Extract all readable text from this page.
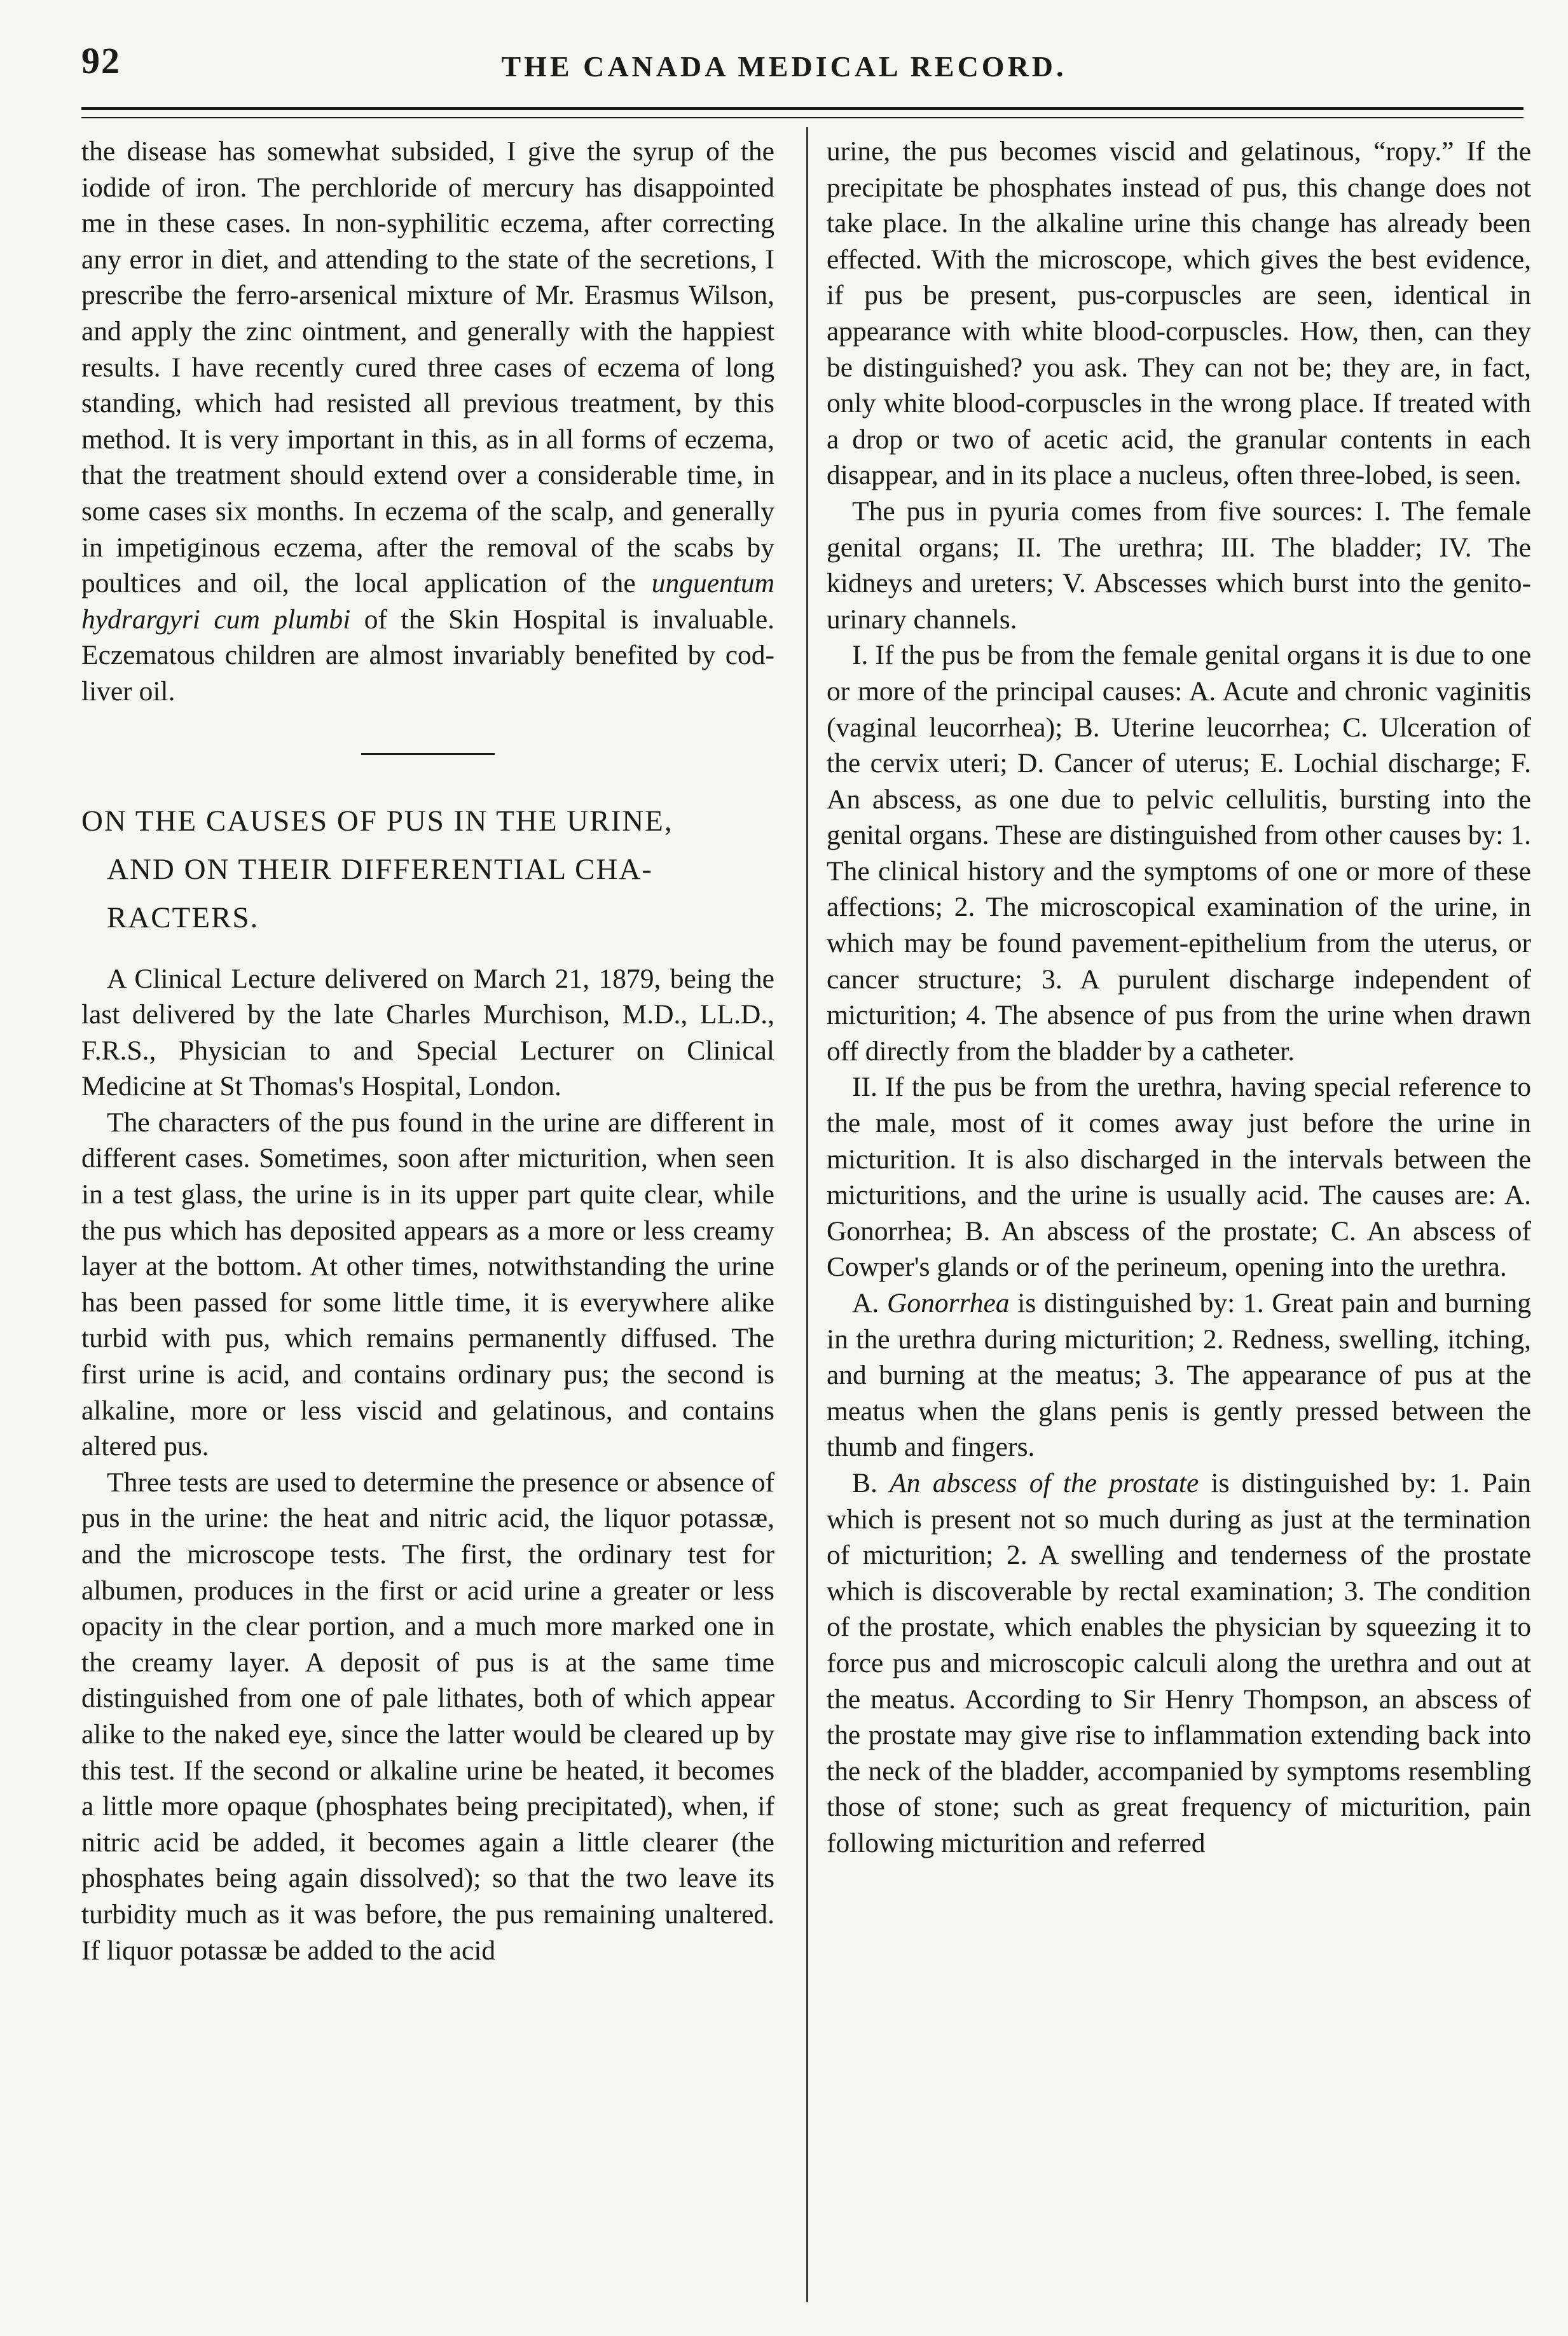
92	THE CANADA MEDICAL RECORD.

the disease has somewhat subsided, I give the syrup of the iodide of iron. The perchloride of mercury has disappointed me in these cases. In non-syphilitic eczema, after correcting any error in diet, and attending to the state of the secretions, I prescribe the ferro-arsenical mixture of Mr. Erasmus Wilson, and apply the zinc ointment, and generally with the happiest results. I have recently cured three cases of eczema of long standing, which had resisted all previous treatment, by this method. It is very important in this, as in all forms of eczema, that the treatment should extend over a considerable time, in some cases six months. In eczema of the scalp, and generally in impetiginous eczema, after the removal of the scabs by poultices and oil, the local application of the unguentum hydrargyri cum plumbi of the Skin Hospital is invaluable. Eczematous children are almost invariably benefited by cod-liver oil.

ON THE CAUSES OF PUS IN THE URINE,
AND ON THEIR DIFFERENTIAL CHA-
RACTERS.

A Clinical Lecture delivered on March 21, 1879, being the last delivered by the late Charles Murchison, M.D., LL.D., F.R.S., Physician to and Special Lecturer on Clinical Medicine at St Thomas's Hospital, London.

The characters of the pus found in the urine are different in different cases. Sometimes, soon after micturition, when seen in a test glass, the urine is in its upper part quite clear, while the pus which has deposited appears as a more or less creamy layer at the bottom. At other times, notwithstanding the urine has been passed for some little time, it is everywhere alike turbid with pus, which remains permanently diffused. The first urine is acid, and contains ordinary pus; the second is alkaline, more or less viscid and gelatinous, and contains altered pus.

Three tests are used to determine the presence or absence of pus in the urine: the heat and nitric acid, the liquor potassæ, and the microscope tests. The first, the ordinary test for albumen, produces in the first or acid urine a greater or less opacity in the clear portion, and a much more marked one in the creamy layer. A deposit of pus is at the same time distinguished from one of pale lithates, both of which appear alike to the naked eye, since the latter would be cleared up by this test. If the second or alkaline urine be heated, it becomes a little more opaque (phosphates being precipitated), when, if nitric acid be added, it becomes again a little clearer (the phosphates being again dissolved); so that the two leave its turbidity much as it was before, the pus remaining unaltered. If liquor potassæ be added to the acid

urine, the pus becomes viscid and gelatinous, “ropy.” If the precipitate be phosphates instead of pus, this change does not take place. In the alkaline urine this change has already been effected. With the microscope, which gives the best evidence, if pus be present, pus-corpuscles are seen, identical in appearance with white blood-corpuscles. How, then, can they be distinguished? you ask. They can not be; they are, in fact, only white blood-corpuscles in the wrong place. If treated with a drop or two of acetic acid, the granular contents in each disappear, and in its place a nucleus, often three-lobed, is seen.

The pus in pyuria comes from five sources: I. The female genital organs; II. The urethra; III. The bladder; IV. The kidneys and ureters; V. Abscesses which burst into the genito-urinary channels.

I. If the pus be from the female genital organs it is due to one or more of the principal causes: A. Acute and chronic vaginitis (vaginal leucorrhea); B. Uterine leucorrhea; C. Ulceration of the cervix uteri; D. Cancer of uterus; E. Lochial discharge; F. An abscess, as one due to pelvic cellulitis, bursting into the genital organs. These are distinguished from other causes by: 1. The clinical history and the symptoms of one or more of these affections; 2. The microscopical examination of the urine, in which may be found pavement-epithelium from the uterus, or cancer structure; 3. A purulent discharge independent of micturition; 4. The absence of pus from the urine when drawn off directly from the bladder by a catheter.

II. If the pus be from the urethra, having special reference to the male, most of it comes away just before the urine in micturition. It is also discharged in the intervals between the micturitions, and the urine is usually acid. The causes are: A. Gonorrhea; B. An abscess of the prostate; C. An abscess of Cowper's glands or of the perineum, opening into the urethra.

A. Gonorrhea is distinguished by: 1. Great pain and burning in the urethra during micturition; 2. Redness, swelling, itching, and burning at the meatus; 3. The appearance of pus at the meatus when the glans penis is gently pressed between the thumb and fingers.

B. An abscess of the prostate is distinguished by: 1. Pain which is present not so much during as just at the termination of micturition; 2. A swelling and tenderness of the prostate which is discoverable by rectal examination; 3. The condition of the prostate, which enables the physician by squeezing it to force pus and microscopic calculi along the urethra and out at the meatus. According to Sir Henry Thompson, an abscess of the prostate may give rise to inflammation extending back into the neck of the bladder, accompanied by symptoms resembling those of stone; such as great frequency of micturition, pain following micturition and referred
